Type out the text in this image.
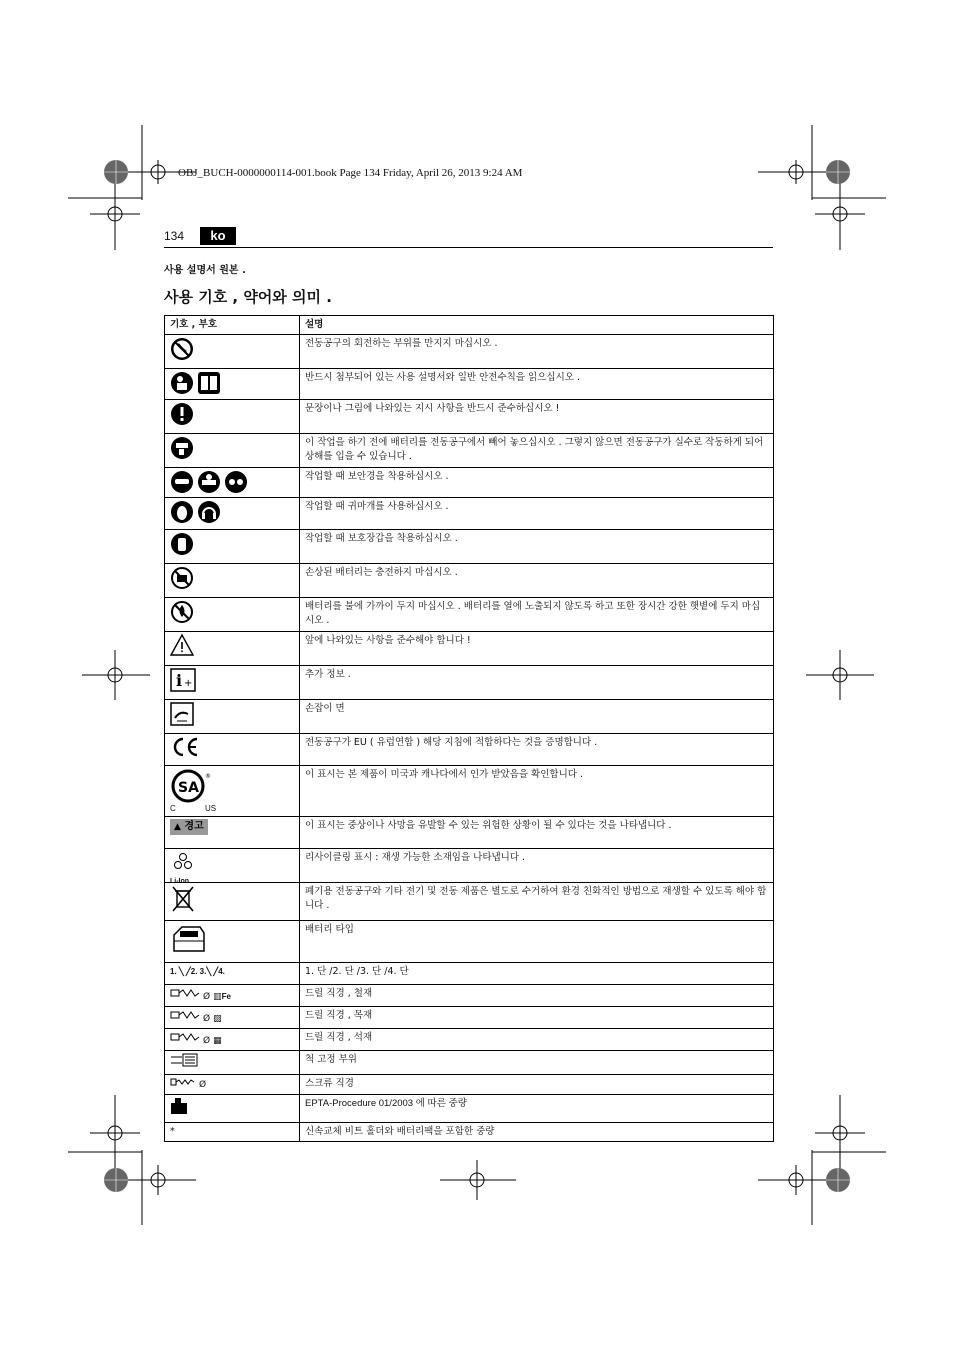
OBJ_BUCH-0000000114-001.book Page 134 Friday, April 26, 2013 9:24 AM
134	ko
사용 설명서 원본 .
사용 기호 , 약어와 의미 .
기호 , 부호	설명
	전동공구의 회전하는 부위를 만지지 마십시오 .

	반드시 첨부되어 있는 사용 설명서와 일반 안전수칙을 읽으십시오 .
	문장이나 그림에 나와있는 지시 사항을 반드시 준수하십시오 !
	이 작업을 하기 전에 배터리를 전동공구에서 빼어 놓으십시오 . 그렇지 않으면 전동공구가 실수로 작동하게 되어 상해를 입을 수 있습니다 .

	작업할 때 보안경을 착용하십시오 .

	작업할 때 귀마개를 사용하십시오 .
	작업할 때 보호장갑을 착용하십시오 .
	손상된 배터리는 충전하지 마십시오 .
	배터리를 불에 가까이 두지 마십시오 . 배터리를 열에 노출되지 않도록 하고 또한 장시간 강한 햇볕에 두지 마십시오 .
	앞에 나와있는 사항을 준수해야 합니다 !

i +	추가 정보 .
	손잡이 면
	전동공구가 EU ( 유럽연합 ) 해당 지침에 적합하다는 것을 증명합니다 .

SA
®
C US	이 표시는 본 제품이 미국과 캐나다에서 인가 받았음을 확인합니다 .
▲ 경고	이 표시는 중상이나 사망을 유발할 수 있는 위험한 상황이 될 수 있다는 것을 나타냅니다 .

Li-Ion	리사이클링 표시 : 재생 가능한 소재임을 나타냅니다 .
	폐기용 전동공구와 기타 전기 및 전동 제품은 별도로 수거하여 환경 친화적인 방법으로 재생할 수 있도록 해야 합니다 .
	배터리 타입
1. ╲ ╱2. 3.╲ ╱4.	1. 단 /2. 단 /3. 단 /4. 단
Ø ▥Fe	드릴 직경 , 철재
Ø ▨	드릴 직경 , 목재
Ø ▦	드릴 직경 , 석재
	척 고정 부위
Ø	스크류 직경
	EPTA-Procedure 01/2003 에 따른 중량
*	신속교체 비트 홀더와 배터리팩을 포함한 중량
